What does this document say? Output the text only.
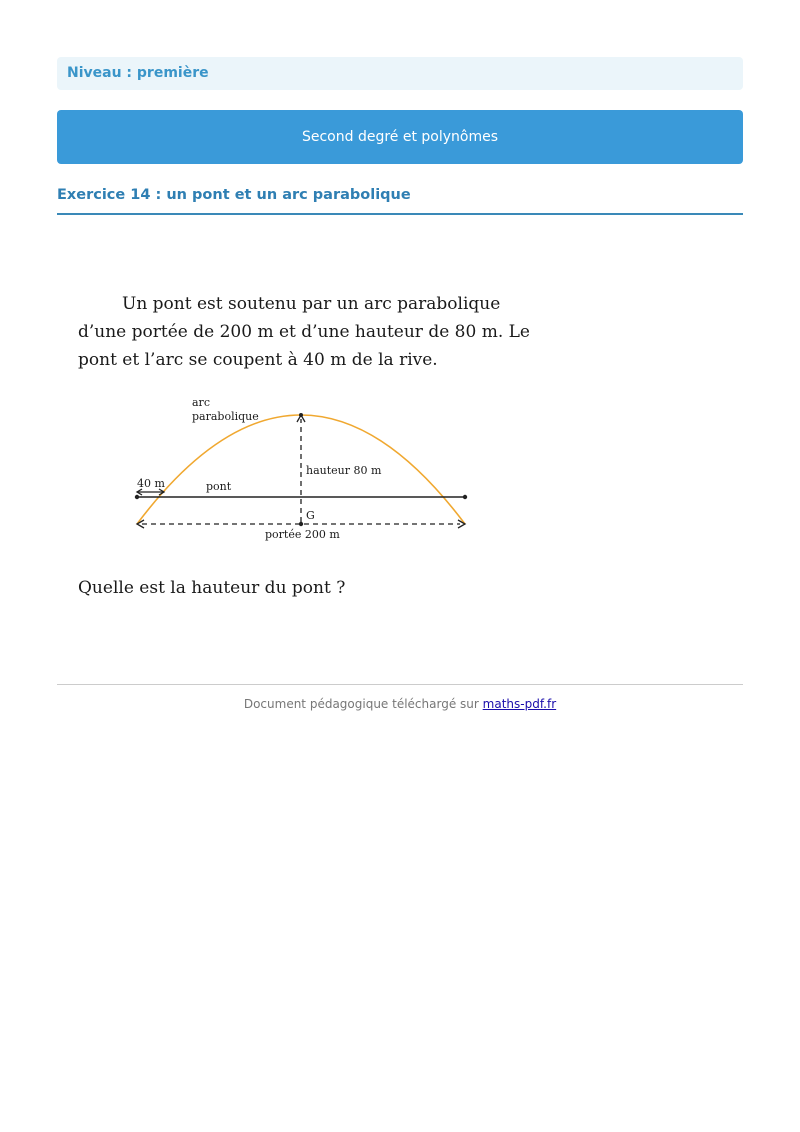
Niveau : première
Second degré et polynômes
Exercice 14 : un pont et un arc parabolique

Un pont est soutenu par un arc parabolique d’une portée de 200 m et d’une hauteur de 80 m. Le pont et l’arc se coupent à 40 m de la rive.

arc
parabolique
hauteur 80 m
40 m	pont
G
portée 200 m

Quelle est la hauteur du pont ?

Document pédagogique téléchargé sur maths-pdf.fr
